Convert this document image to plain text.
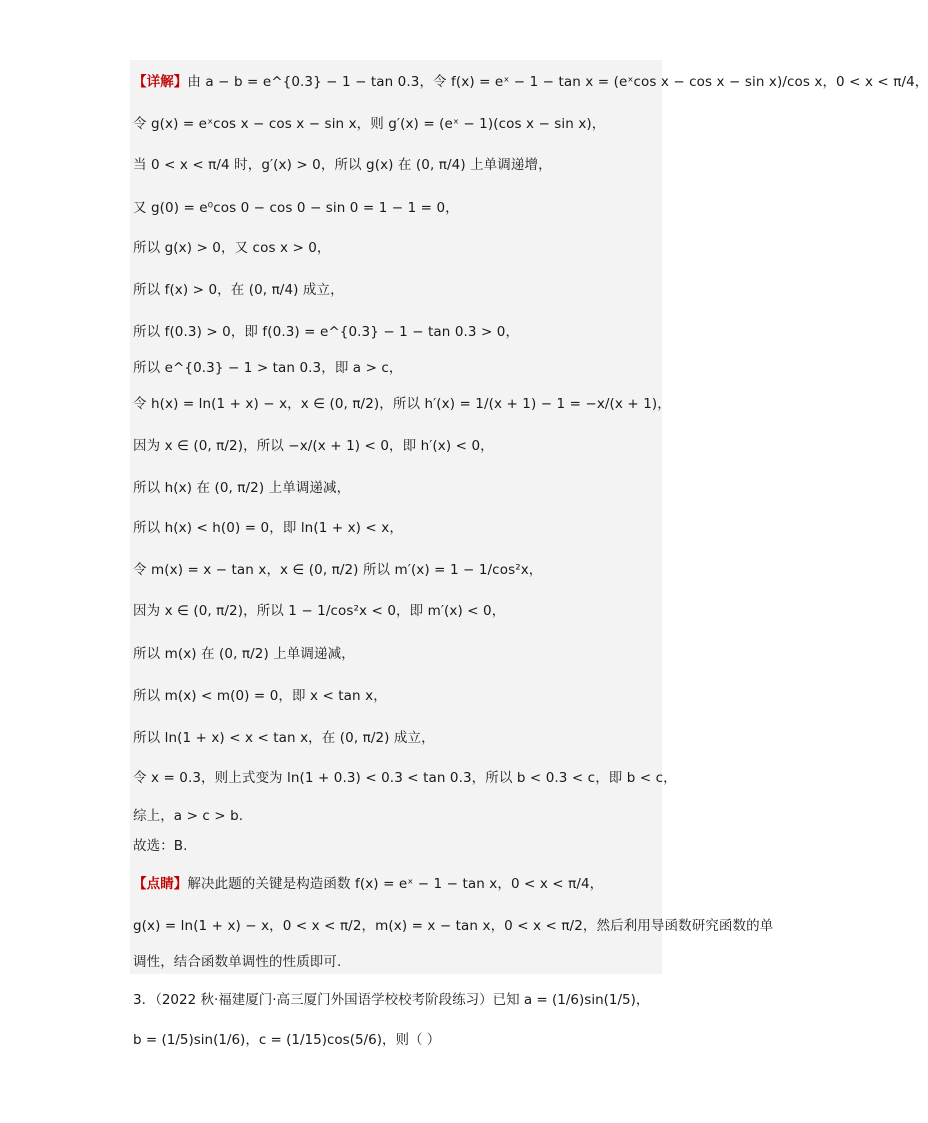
【详解】由 a − b = e^{0.3} − 1 − tan 0.3，令 f(x) = eˣ − 1 − tan x = (eˣcos x − cos x − sin x)/cos x，0 < x < π/4，
令 g(x) = eˣcos x − cos x − sin x，则 g′(x) = (eˣ − 1)(cos x − sin x)，
当 0 < x < π/4 时，g′(x) > 0，所以 g(x) 在 (0, π/4) 上单调递增，
又 g(0) = e⁰cos 0 − cos 0 − sin 0 = 1 − 1 = 0，
所以 g(x) > 0，又 cos x > 0，
所以 f(x) > 0，在 (0, π/4) 成立，
所以 f(0.3) > 0，即 f(0.3) = e^{0.3} − 1 − tan 0.3 > 0，
所以 e^{0.3} − 1 > tan 0.3，即 a > c，
令 h(x) = ln(1 + x) − x，x ∈ (0, π/2)，所以 h′(x) = 1/(x + 1) − 1 = −x/(x + 1)，
因为 x ∈ (0, π/2)，所以 −x/(x + 1) < 0，即 h′(x) < 0，
所以 h(x) 在 (0, π/2) 上单调递减，
所以 h(x) < h(0) = 0，即 ln(1 + x) < x，
令 m(x) = x − tan x，x ∈ (0, π/2) 所以 m′(x) = 1 − 1/cos²x，
因为 x ∈ (0, π/2)，所以 1 − 1/cos²x < 0，即 m′(x) < 0，
所以 m(x) 在 (0, π/2) 上单调递减，
所以 m(x) < m(0) = 0，即 x < tan x，
所以 ln(1 + x) < x < tan x，在 (0, π/2) 成立，
令 x = 0.3，则上式变为 ln(1 + 0.3) < 0.3 < tan 0.3，所以 b < 0.3 < c，即 b < c，
综上，a > c > b.
故选：B.
【点睛】解决此题的关键是构造函数 f(x) = eˣ − 1 − tan x，0 < x < π/4，
g(x) = ln(1 + x) − x，0 < x < π/2，m(x) = x − tan x，0 < x < π/2，然后利用导函数研究函数的单
调性，结合函数单调性的性质即可.
3．（2022 秋·福建厦门·高三厦门外国语学校校考阶段练习）已知 a = (1/6)sin(1/5)，
b = (1/5)sin(1/6)，c = (1/15)cos(5/6)，则（ ）
